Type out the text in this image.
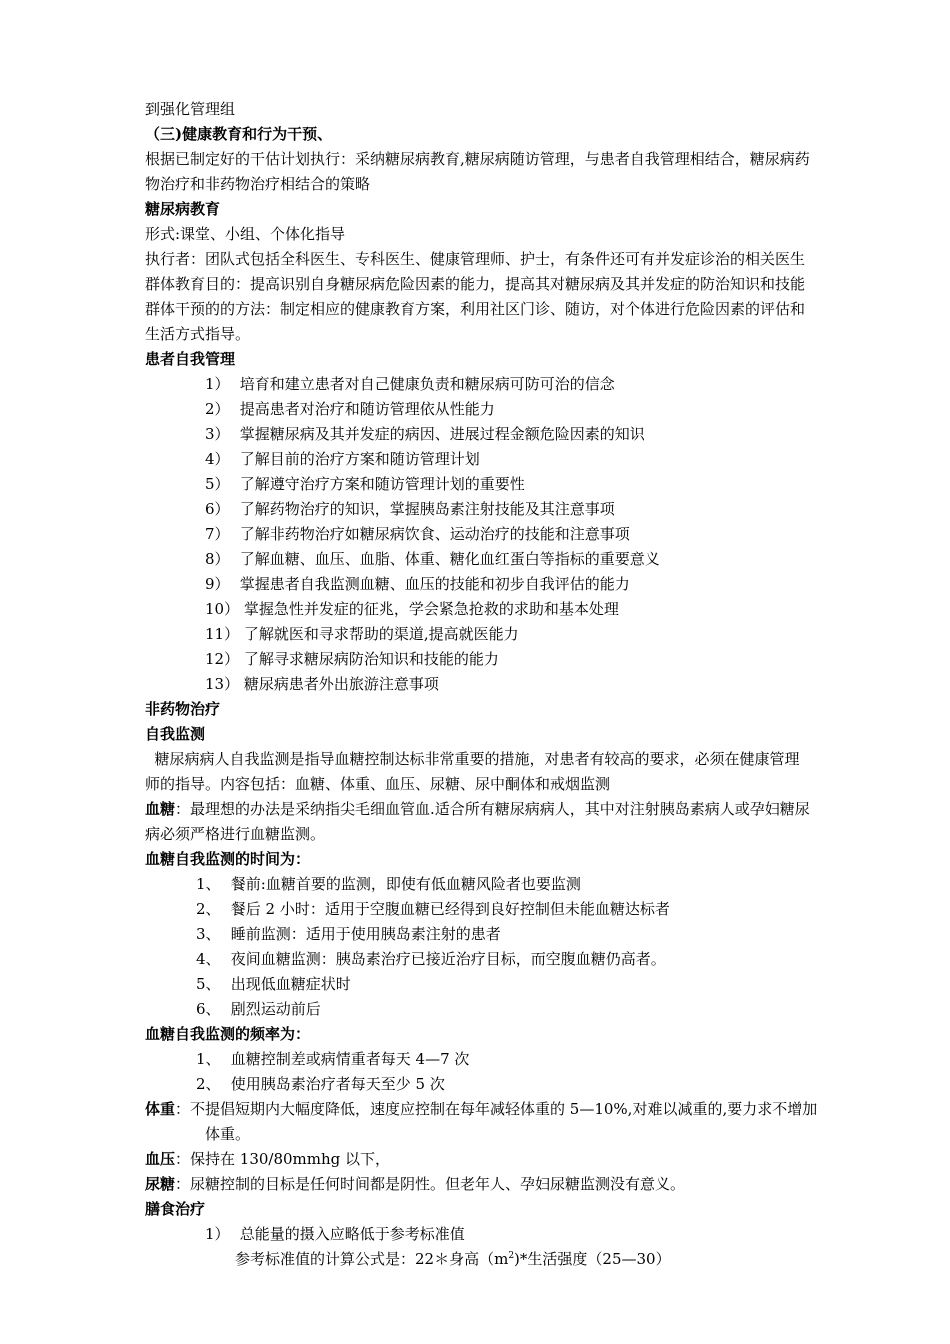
到强化管理组
（三)健康教育和行为干预、
根据已制定好的干估计划执行：采纳糖尿病教育,糖尿病随访管理，与患者自我管理相结合，糖尿病药
物治疗和非药物治疗相结合的策略
糖尿病教育
形式:课堂、小组、个体化指导
执行者：团队式包括全科医生、专科医生、健康管理师、护士，有条件还可有并发症诊治的相关医生
群体教育目的：提高识别自身糖尿病危险因素的能力，提高其对糖尿病及其并发症的防治知识和技能
群体干预的的方法：制定相应的健康教育方案，利用社区门诊、随访，对个体进行危险因素的评估和
生活方式指导。
患者自我管理
1） 培育和建立患者对自己健康负责和糖尿病可防可治的信念
2） 提高患者对治疗和随访管理依从性能力
3） 掌握糖尿病及其并发症的病因、进展过程金额危险因素的知识
4） 了解目前的治疗方案和随访管理计划
5） 了解遵守治疗方案和随访管理计划的重要性
6） 了解药物治疗的知识，掌握胰岛素注射技能及其注意事项
7） 了解非药物治疗如糖尿病饮食、运动治疗的技能和注意事项
8） 了解血糖、血压、血脂、体重、糖化血红蛋白等指标的重要意义
9） 掌握患者自我监测血糖、血压的技能和初步自我评估的能力
10） 掌握急性并发症的征兆，学会紧急抢救的求助和基本处理
11） 了解就医和寻求帮助的渠道,提高就医能力
12） 了解寻求糖尿病防治知识和技能的能力
13） 糖尿病患者外出旅游注意事项
非药物治疗
自我监测
糖尿病病人自我监测是指导血糖控制达标非常重要的措施，对患者有较高的要求，必须在健康管理
师的指导。内容包括：血糖、体重、血压、尿糖、尿中酮体和戒烟监测
血糖：最理想的办法是采纳指尖毛细血管血.适合所有糖尿病病人，其中对注射胰岛素病人或孕妇糖尿
病必须严格进行血糖监测。
血糖自我监测的时间为：
1、 餐前:血糖首要的监测，即使有低血糖风险者也要监测
2、 餐后 2 小时：适用于空腹血糖已经得到良好控制但未能血糖达标者
3、 睡前监测：适用于使用胰岛素注射的患者
4、 夜间血糖监测：胰岛素治疗已接近治疗目标，而空腹血糖仍高者。
5、 出现低血糖症状时
6、 剧烈运动前后
血糖自我监测的频率为：
1、 血糖控制差或病情重者每天 4—7 次
2、 使用胰岛素治疗者每天至少 5 次
体重：不提倡短期内大幅度降低，速度应控制在每年减轻体重的 5—10%,对难以减重的,要力求不增加
体重。
血压：保持在 130/80mmhg 以下，
尿糖：尿糖控制的目标是任何时间都是阴性。但老年人、孕妇尿糖监测没有意义。
膳食治疗
1） 总能量的摄入应略低于参考标准值
参考标准值的计算公式是：22＊身高$(m^2)*$生活强度（25—30）
